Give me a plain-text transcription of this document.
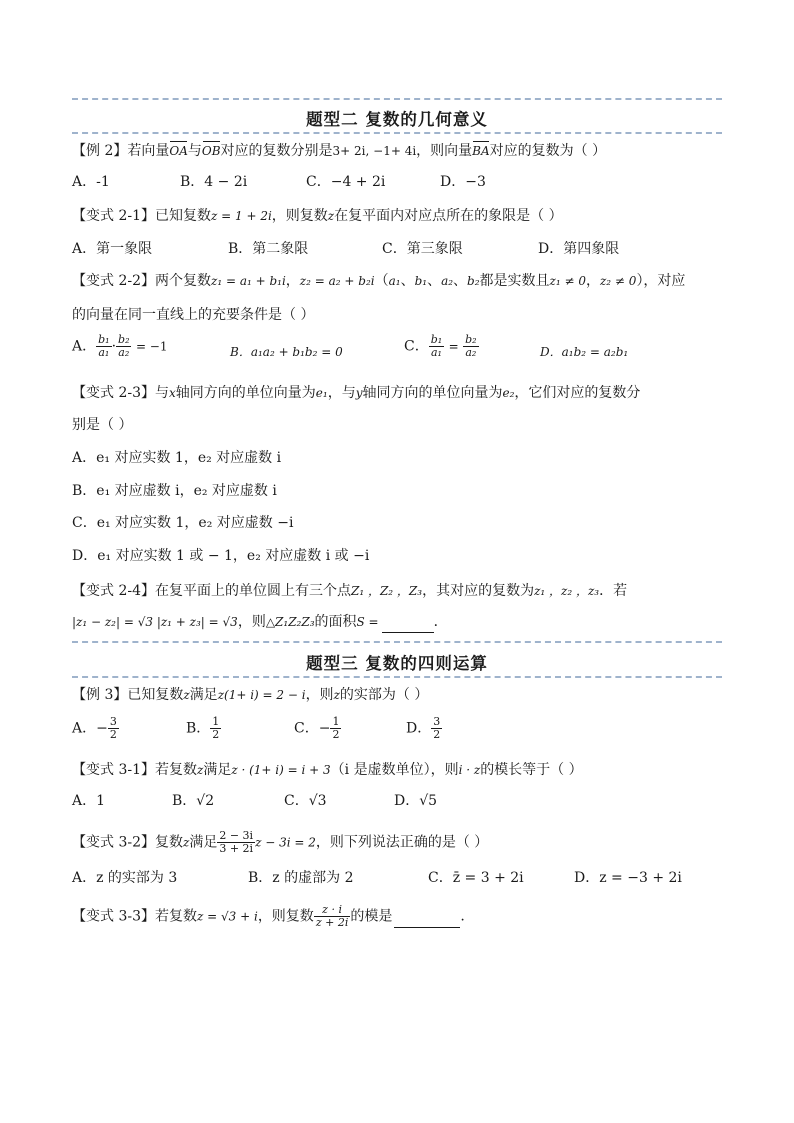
题型二 复数的几何意义
【例 2】若向量OA与OB对应的复数分别是3+ 2i, −1+ 4i，则向量BA对应的复数为（ ）
A．-1	B．4 − 2i	C．−4 + 2i	D．−3
【变式 2-1】已知复数z = 1 + 2i，则复数z在复平面内对应点所在的象限是（ ）
A．第一象限	B．第二象限	C．第三象限	D．第四象限
【变式 2-2】两个复数z₁ = a₁ + b₁i，z₂ = a₂ + b₂i（a₁、b₁、a₂、b₂都是实数且z₁ ≠ 0，z₂ ≠ 0），对应
的向量在同一直线上的充要条件是（ ）
A． $\frac{\text{b₁}}{\text{a₁}} \cdot \frac{\text{b₂}}{\text{a₂}} = -1$	B．a₁a₂ + b₁b₂ = 0	C． $\frac{\text{b₁}}{\text{a₁}} = \frac{\text{b₂}}{\text{a₂}}$	D．a₁b₂ = a₂b₁
【变式 2-3】与x轴同方向的单位向量为e₁，与y轴同方向的单位向量为e₂，它们对应的复数分
别是（ ）
A．e₁ 对应实数 1，e₂ 对应虚数 i
B．e₁ 对应虚数 i，e₂ 对应虚数 i
C．e₁ 对应实数 1，e₂ 对应虚数 −i
D．e₁ 对应实数 1 或 − 1，e₂ 对应虚数 i 或 −i
【变式 2-4】在复平面上的单位圆上有三个点Z₁ ，Z₂ ，Z₃，其对应的复数为z₁ ，z₂ ，z₃．若
|z₁ − z₂| = √3 |z₁ + z₃| = √3，则△Z₁Z₂Z₃的面积S =	．
题型三 复数的四则运算
【例 3】已知复数z满足z(1+ i) = 2 − i，则z的实部为（ ）
A．− $\frac{3}{2}$	B． $\frac{1}{2}$	C．− $\frac{1}{2}$	D． $\frac{3}{2}$
【变式 3-1】若复数z满足z · (1+ i) = i + 3（i 是虚数单位），则i · z的模长等于（ ）
A．1	B．√2	C．√3	D．√5
【变式 3-2】复数z满足 $\frac{2 - 3i}{3 + 2i}$ z − 3i = 2，则下列说法正确的是（ ）
A．z 的实部为 3	B．z 的虚部为 2	C．z̄ = 3 + 2i	D．z = −3 + 2i
【变式 3-3】若复数z = √3 + i，则复数 $\frac{z \cdot i}{z + 2i}$ 的模是	.
